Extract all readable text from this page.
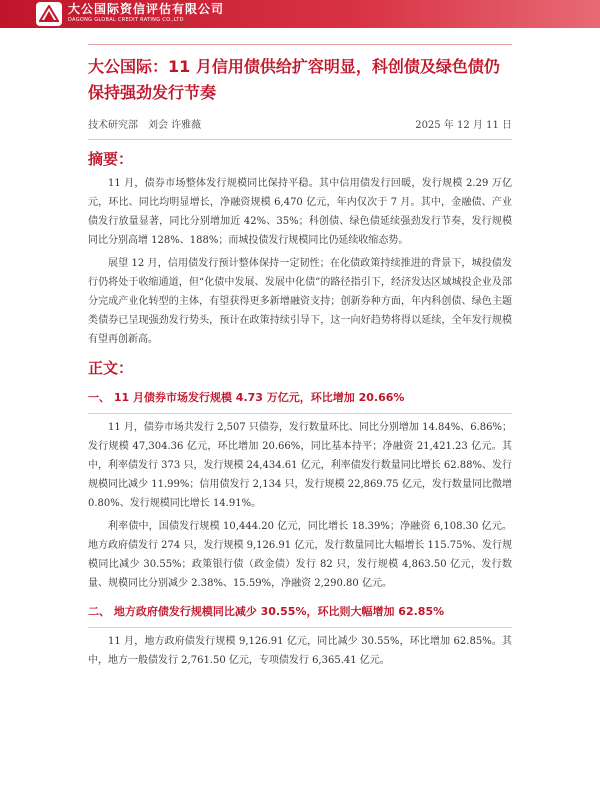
大公国际资信评估有限公司
DAGONG GLOBAL CREDIT RATING CO.,LTD
大公国际：11 月信用债供给扩容明显，科创债及绿色债仍保持强劲发行节奏
技术研究部　刘会 许雅薇	2025 年 12 月 11 日
摘要：

11 月，债券市场整体发行规模同比保持平稳。其中信用债发行回暖，发行规模 2.29 万亿元，环比、同比均明显增长，净融资规模 6,470 亿元，年内仅次于 7 月。其中，金融债、产业债发行放量显著，同比分别增加近 42%、35%；科创债、绿色债延续强劲发行节奏，发行规模同比分别高增 128%、188%；而城投债发行规模同比仍延续收缩态势。

展望 12 月，信用债发行预计整体保持一定韧性；在化债政策持续推进的背景下，城投债发行仍将处于收缩通道，但“化债中发展、发展中化债”的路径指引下，经济发达区域城投企业及部分完成产业化转型的主体，有望获得更多新增融资支持；创新券种方面，年内科创债、绿色主题类债券已呈现强劲发行势头，预计在政策持续引导下，这一向好趋势将得以延续，全年发行规模有望再创新高。

正文：
一、 11 月债券市场发行规模 4.73 万亿元，环比增加 20.66%

11 月，债券市场共发行 2,507 只债券，发行数量环比、同比分别增加 14.84%、6.86%；发行规模 47,304.36 亿元，环比增加 20.66%，同比基本持平；净融资 21,421.23 亿元。其中，利率债发行 373 只，发行规模 24,434.61 亿元，利率债发行数量同比增长 62.88%、发行规模同比减少 11.99%；信用债发行 2,134 只，发行规模 22,869.75 亿元，发行数量同比微增 0.80%、发行规模同比增长 14.91%。

利率债中，国债发行规模 10,444.20 亿元，同比增长 18.39%；净融资 6,108.30 亿元。地方政府债发行 274 只，发行规模 9,126.91 亿元，发行数量同比大幅增长 115.75%、发行规模同比减少 30.55%；政策银行债（政金债）发行 82 只，发行规模 4,863.50 亿元，发行数量、规模同比分别减少 2.38%、15.59%，净融资 2,290.80 亿元。

二、 地方政府债发行规模同比减少 30.55%，环比则大幅增加 62.85%

11 月，地方政府债发行规模 9,126.91 亿元，同比减少 30.55%，环比增加 62.85%。其中，地方一般债发行 2,761.50 亿元，专项债发行 6,365.41 亿元。
